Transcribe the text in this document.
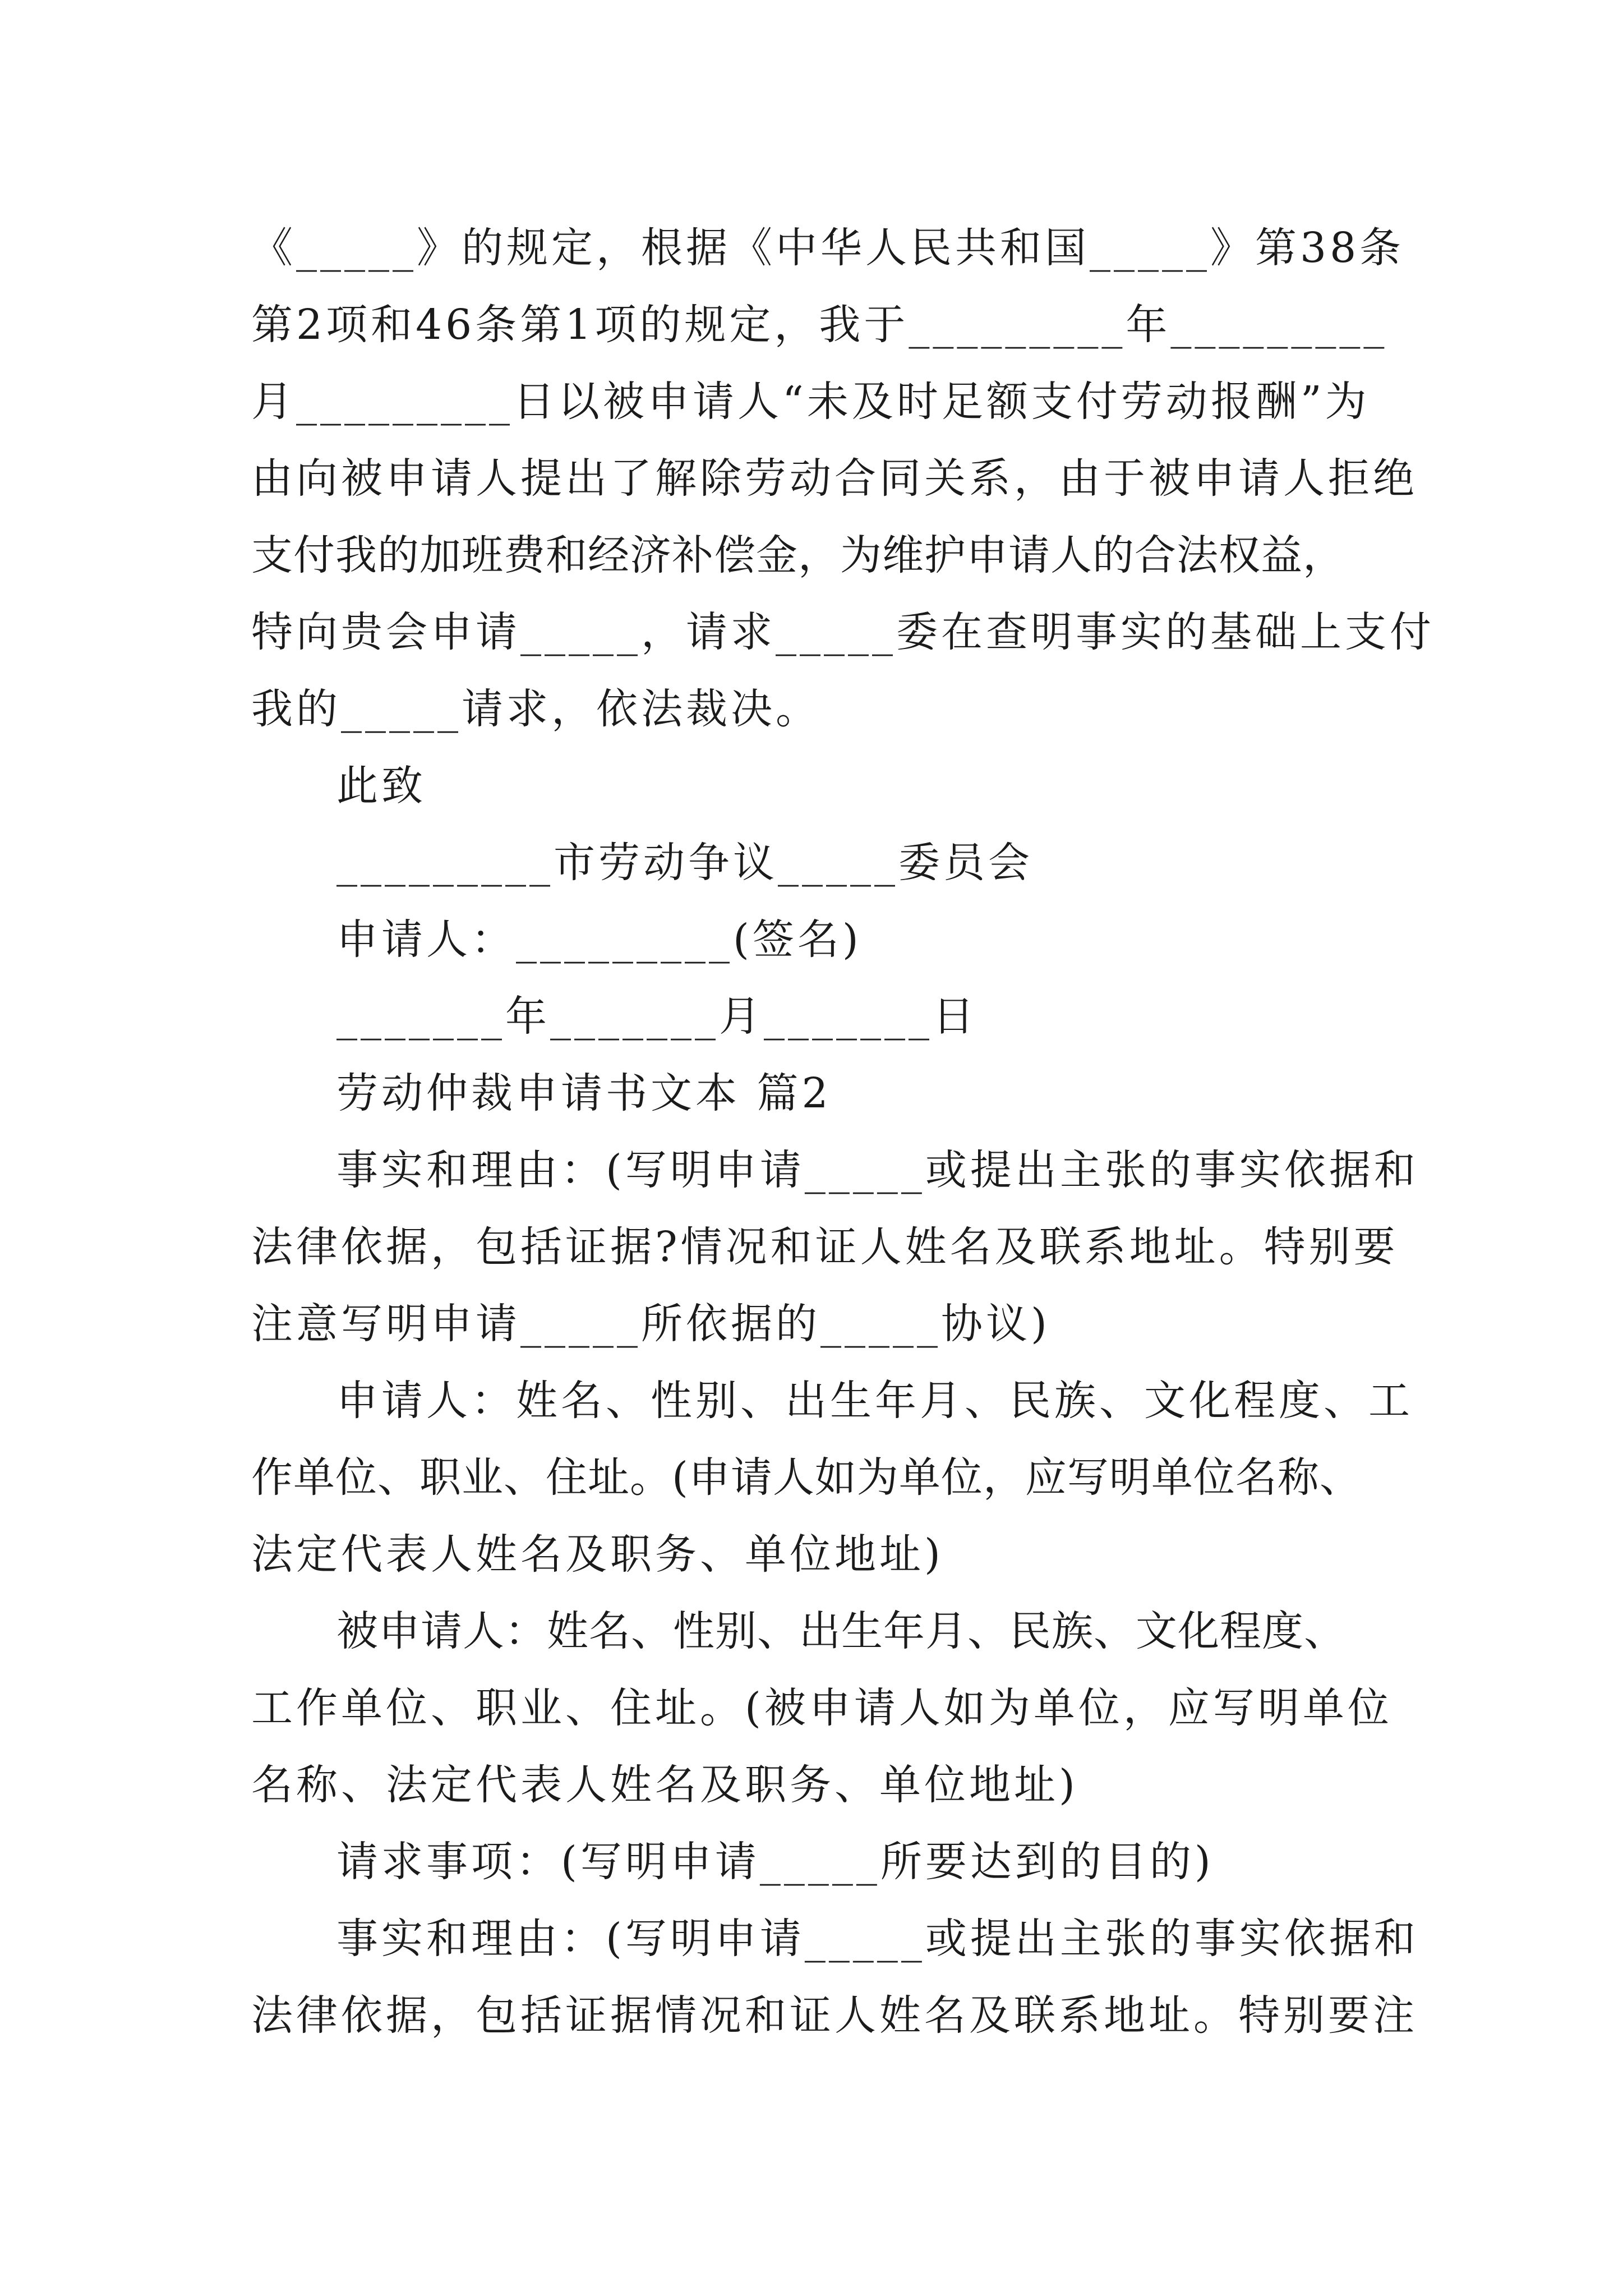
《_____》的规定，根据《中华人民共和国_____》第38条
第2项和46条第1项的规定，我于_________年_________
月_________日以被申请人“未及时足额支付劳动报酬”为
由向被申请人提出了解除劳动合同关系，由于被申请人拒绝
支付我的加班费和经济补偿金，为维护申请人的合法权益，
特向贵会申请_____，请求_____委在查明事实的基础上支付
我的_____请求，依法裁决。
此致
_________市劳动争议_____委员会
申请人：_________(签名)
_______年_______月_______日
劳动仲裁申请书文本 篇2
事实和理由：(写明申请_____或提出主张的事实依据和
法律依据，包括证据?情况和证人姓名及联系地址。特别要
注意写明申请_____所依据的_____协议)
申请人：姓名、性别、出生年月、民族、文化程度、工
作单位、职业、住址。(申请人如为单位，应写明单位名称、
法定代表人姓名及职务、单位地址)
被申请人：姓名、性别、出生年月、民族、文化程度、
工作单位、职业、住址。(被申请人如为单位，应写明单位
名称、法定代表人姓名及职务、单位地址)
请求事项：(写明申请_____所要达到的目的)
事实和理由：(写明申请_____或提出主张的事实依据和
法律依据，包括证据情况和证人姓名及联系地址。特别要注
